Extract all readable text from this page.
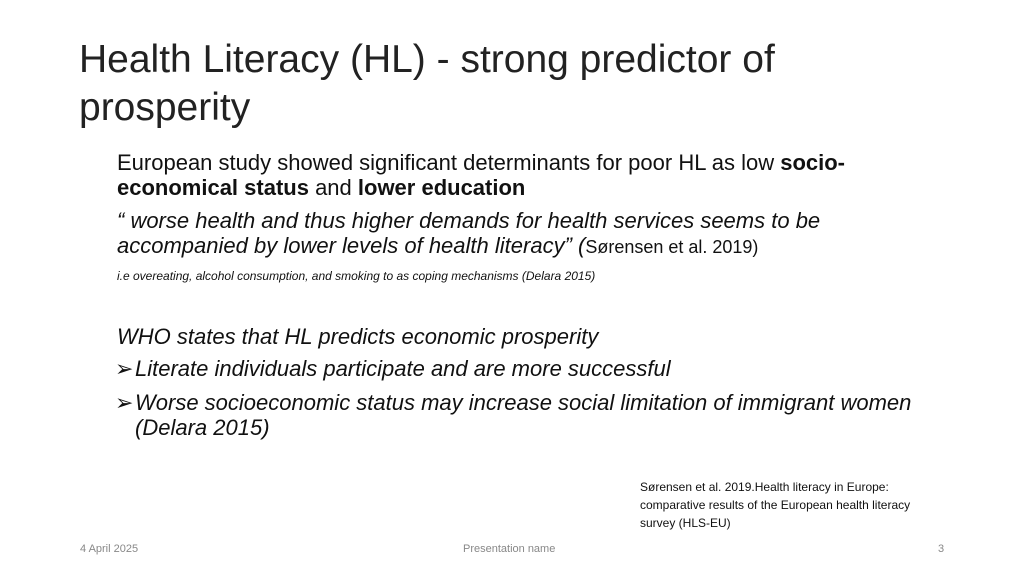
Health Literacy (HL) - strong predictor of prosperity

European study showed significant determinants for poor HL as low socio-economical status and lower education

“ worse health and thus higher demands for health services seems to be accompanied by lower levels of health literacy” (Sørensen et al. 2019)

i.e overeating, alcohol consumption, and smoking to as coping mechanisms (Delara 2015)

WHO states that HL predicts economic prosperity

➢ Literate individuals participate and are more successful
➢ Worse socioeconomic status may increase social limitation of immigrant women (Delara 2015)
Sørensen et al. 2019.Health literacy in Europe: comparative results of the European health literacy survey (HLS-EU)
4 April 2025	Presentation name	3
